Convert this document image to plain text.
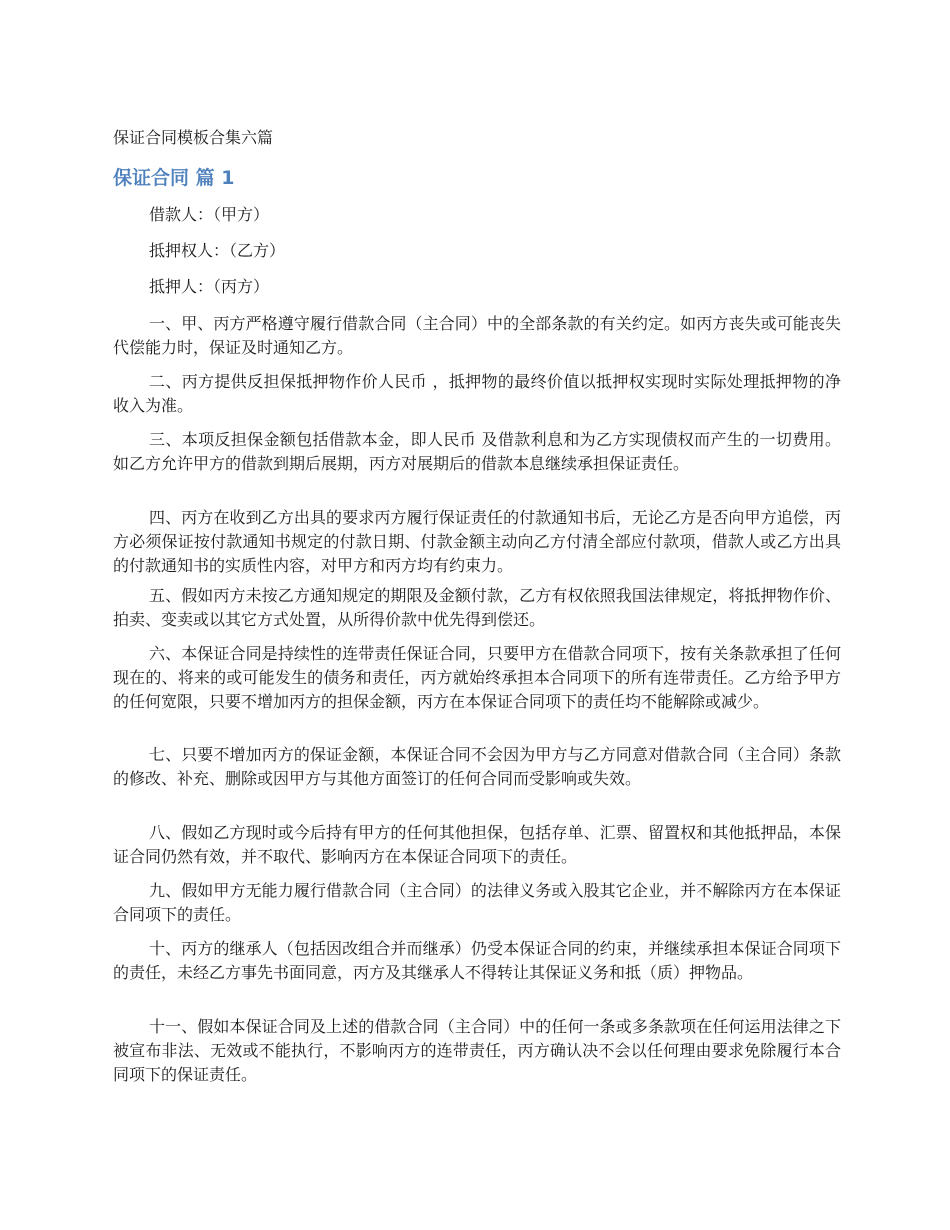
保证合同模板合集六篇
保证合同 篇 1
借款人：（甲方）
抵押权人：（乙方）
抵押人：（丙方）

一、甲、丙方严格遵守履行借款合同（主合同）中的全部条款的有关约定。如丙方丧失或可能丧失代偿能力时，保证及时通知乙方。

二、丙方提供反担保抵押物作价人民币 ，抵押物的最终价值以抵押权实现时实际处理抵押物的净收入为准。

三、本项反担保金额包括借款本金，即人民币 及借款利息和为乙方实现债权而产生的一切费用。如乙方允许甲方的借款到期后展期，丙方对展期后的借款本息继续承担保证责任。

四、丙方在收到乙方出具的要求丙方履行保证责任的付款通知书后，无论乙方是否向甲方追偿，丙方必须保证按付款通知书规定的付款日期、付款金额主动向乙方付清全部应付款项，借款人或乙方出具的付款通知书的实质性内容，对甲方和丙方均有约束力。

五、假如丙方未按乙方通知规定的期限及金额付款，乙方有权依照我国法律规定，将抵押物作价、拍卖、变卖或以其它方式处置，从所得价款中优先得到偿还。

六、本保证合同是持续性的连带责任保证合同，只要甲方在借款合同项下，按有关条款承担了任何现在的、将来的或可能发生的债务和责任，丙方就始终承担本合同项下的所有连带责任。乙方给予甲方的任何宽限，只要不增加丙方的担保金额，丙方在本保证合同项下的责任均不能解除或减少。

七、只要不增加丙方的保证金额，本保证合同不会因为甲方与乙方同意对借款合同（主合同）条款的修改、补充、删除或因甲方与其他方面签订的任何合同而受影响或失效。

八、假如乙方现时或今后持有甲方的任何其他担保，包括存单、汇票、留置权和其他抵押品，本保证合同仍然有效，并不取代、影响丙方在本保证合同项下的责任。

九、假如甲方无能力履行借款合同（主合同）的法律义务或入股其它企业，并不解除丙方在本保证合同项下的责任。

十、丙方的继承人（包括因改组合并而继承）仍受本保证合同的约束，并继续承担本保证合同项下的责任，未经乙方事先书面同意，丙方及其继承人不得转让其保证义务和抵（质）押物品。

十一、假如本保证合同及上述的借款合同（主合同）中的任何一条或多条款项在任何运用法律之下被宣布非法、无效或不能执行，不影响丙方的连带责任，丙方确认决不会以任何理由要求免除履行本合同项下的保证责任。
